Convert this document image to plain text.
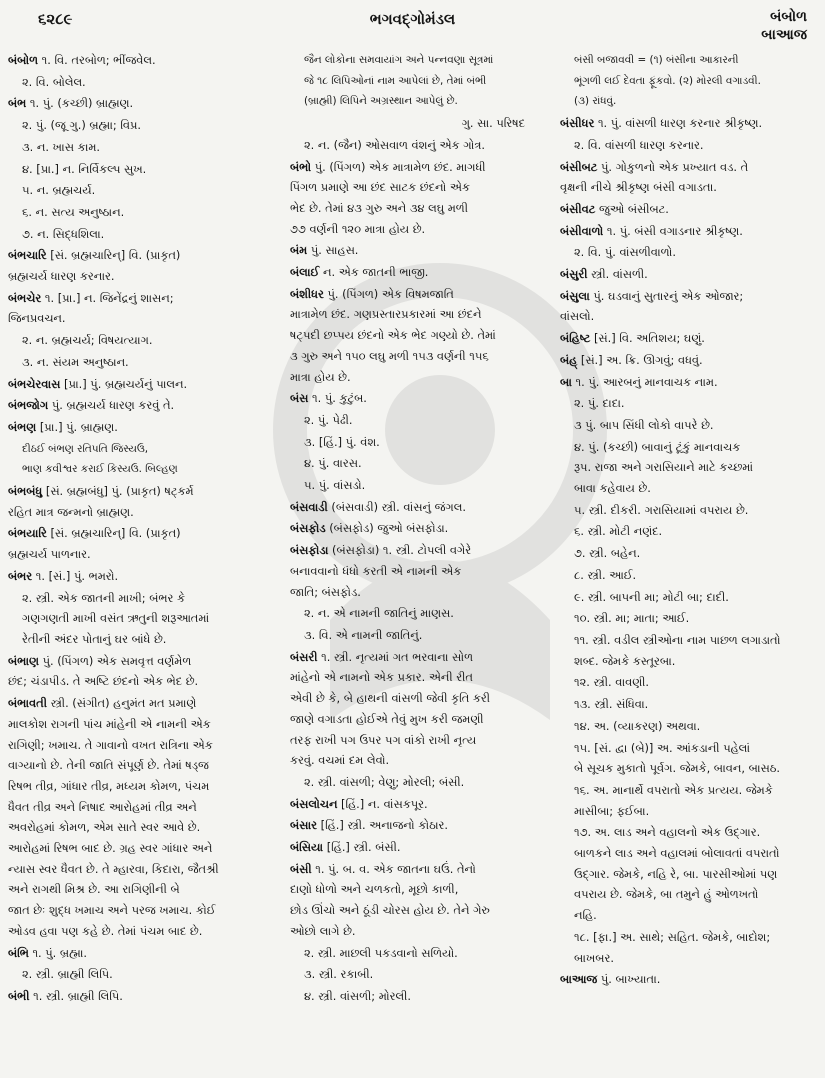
૬૨૮૯	ભગવદ્ગોમંડલ	બંબોળ
બાઆજ
બંબોળ ૧. વિ. તરબોળ; ભીંજવેલ.
૨. વિ. બોલેલ.
બંભ ૧. પું. (કચ્છી) બ્રાહ્મણ.
૨. પું. (જૂ ગુ.) બ્રહ્મા; વિપ્ર.
૩. ન. ખાસ કામ.
૪. [પ્રા.] ન. નિર્વિકલ્પ સુખ.
૫. ન. બ્રહ્મચર્ય.
૬. ન. સત્ય અનુષ્ઠાન.
૭. ન. સિદ્ધશિલા.
બંભચારિ [સં. બ્રહ્મચારિન્] વિ. (પ્રાકૃત)
બ્રહ્મચર્ય ધારણ કરનાર.
બંભચેર ૧. [પ્રા.] ન. જિનેંદ્રનું શાસન;
જિનપ્રવચન.
૨. ન. બ્રહ્મચર્ય; વિષયત્યાગ.
૩. ન. સંયમ અનુષ્ઠાન.
બંભચેરવાસ [પ્રા.] પું. બ્રહ્મચર્યનું પાલન.
બંભજોગ પું. બ્રહ્મચર્ય ધારણ કરવું તે.
બંભણ [પ્રા.] પું. બ્રાહ્મણ.
દીઠઈ બંભણ રતિપતિ જિસ્યઉ,
ભાણ કવીશ્વર કરાઈ કિસ્યઉ. બિલ્હણ
બંભબંધુ [સં. બ્રહ્મબંધુ] પું. (પ્રાકૃત) ષટ્કર્મ
રહિત માત્ર જન્મનો બ્રાહ્મણ.
બંભયારિ [સં. બ્રહ્મચારિન્] વિ. (પ્રાકૃત)
બ્રહ્મચર્ય પાળનાર.
બંભર ૧. [સં.] પું. ભમરો.
૨. સ્ત્રી. એક જાતની માખી; બંભર કે
ગણગણતી માખી વસંત ઋતુની શરૂઆતમાં
રેતીની અંદર પોતાનું ઘર બાંધે છે.
બંભાણ પું. (પિંગળ) એક સમવૃત્ત વર્ણમેળ
છંદ; ચંડાપીડ. તે અષ્ટિ છંદનો એક ભેદ છે.
બંભાવતી સ્ત્રી. (સંગીત) હનુમંત મત પ્રમાણે
માલકોશ રાગની પાંચ માંહેની એ નામની એક
રાગિણી; ખમાચ. તે ગાવાનો વખત રાત્રિના એક
વાગ્યાનો છે. તેની જાતિ સંપૂર્ણ છે. તેમાં ષડ્જ
રિષભ તીવ્ર, ગાંધાર તીવ્ર, મધ્યમ કોમળ, પંચમ
ધૈવત તીવ્ર અને નિષાદ આરોહમાં તીવ્ર અને
અવરોહમાં કોમળ, એમ સાતે સ્વર આવે છે.
આરોહમાં રિષભ બાદ છે. ગ્રહ સ્વર ગાંધાર અને
ન્યાસ સ્વર ધૈવત છે. તે મ્હારવા, કિદારા, જૈતશ્રી
અને રાગથી મિશ્ર છે. આ રાગિણીની બે
જાત છેઃ શુદ્ધ ખમાચ અને પરજ ખમાચ. કોઈ
ઓડવ હવા પણ કહે છે. તેમાં પંચમ બાદ છે.
બંભિ ૧. પું. બ્રહ્મા.
૨. સ્ત્રી. બ્રાહ્મી લિપિ.
બંભી ૧. સ્ત્રી. બ્રાહ્મી લિપિ.
જૈન લોકોના સમવાયાંગ અને પન્નવણા સૂત્રમાં
જે ૧૮ લિપિઓનાં નામ આપેલાં છે, તેમાં બંભી
(બ્રાહ્મી) લિપિને અગ્રસ્થાન આપેલું છે.
ગુ. સા. પરિષદ
૨. ન. (જૈન) ઓસવાળ વંશનું એક ગોત્ર.
બંભો પું. (પિંગળ) એક માત્રામેળ છંદ. માગધી
પિંગળ પ્રમાણે આ છંદ સાટક છંદનો એક
ભેદ છે. તેમાં ૪૩ ગુરુ અને ૩૪ લઘુ મળી
૭૭ વર્ણની ૧૨૦ માત્રા હોય છે.
બંમ પું. સાહસ.
બંલાઈ ન. એક જાતની ભાજી.
બંશીધર પું. (પિંગળ) એક વિષમજાતિ
માત્રામેળ છંદ. ગણપ્રસ્તારપ્રકારમાં આ છંદને
ષટ્પદી છપ્પય છંદનો એક ભેદ ગણ્યો છે. તેમાં
૩ ગુરુ અને ૧૫૦ લઘુ મળી ૧૫૩ વર્ણની ૧૫૬
માત્રા હોય છે.
બંસ ૧. પું. કુટુંબ.
૨. પું. પેઢી.
૩. [હિં.] પું. વંશ.
૪. પું. વારસ.
૫. પું. વાંસડો.
બંસવાડી (બંસવાડી) સ્ત્રી. વાંસનું જંગલ.
બંસફોડ (બંસફોડ) જુઓ બંસફોડા.
બંસફોડા (બંસફોડા) ૧. સ્ત્રી. ટોપલી વગેરે
બનાવવાનો ધંધો કરતી એ નામની એક
જાતિ; બંસફોડ.
૨. ન. એ નામની જાતિનું માણસ.
૩. વિ. એ નામની જાતિનું.
બંસરી ૧. સ્ત્રી. નૃત્યમાં ગત ભરવાના સોળ
માંહેનો એ નામનો એક પ્રકાર. એની રીત
એવી છે કે, બે હાથની વાંસળી જેવી કૃતિ કરી
જાણે વગાડતા હોઈએ તેવું મુખ કરી જમણી
તરફ રાખી પગ ઉપર પગ વાંકો રાખી નૃત્ય
કરવું. વચમાં દમ લેવો.
૨. સ્ત્રી. વાંસળી; વેણુ; મોરલી; બંસી.
બંસલોચન [હિં.] ન. વાંસકપૂર.
બંસાર [હિં.] સ્ત્રી. અનાજનો કોઠાર.
બંસિયા [હિં.] સ્ત્રી. બંસી.
બંસી ૧. પું. બ. વ. એક જાતના ઘઉં. તેનો
દાણો ધોળો અને ચળકતો, મૂછો કાળી,
છોડ ઊંચો અને ઠૂંડી ચોરસ હોય છે. તેને ગેરુ
ઓછો લાગે છે.
૨. સ્ત્રી. માછલી પકડવાનો સળિયો.
૩. સ્ત્રી. રકાબી.
૪. સ્ત્રી. વાંસળી; મોરલી.
બંસી બજાવવી = (૧) બંસીના આકારની
ભૂંગળી લઈ દેવતા ફૂંકવો. (૨) મોરલી વગાડવી.
(૩) રાંધવું.
બંસીધર ૧. પું. વાંસળી ધારણ કરનાર શ્રીકૃષ્ણ.
૨. વિ. વાંસળી ધારણ કરનાર.
બંસીબટ પું. ગોકુળનો એક પ્રખ્યાત વડ. તે
વૃક્ષની નીચે શ્રીકૃષ્ણ બંસી વગાડતા.
બંસીવટ જુઓ બંસીબટ.
બંસીવાળો ૧. પું. બંસી વગાડનાર શ્રીકૃષ્ણ.
૨. વિ. પું. વાંસળીવાળો.
બંસુરી સ્ત્રી. વાંસળી.
બંસુલા પું. ઘડવાનું સુતારનું એક ઓજાર;
વાંસલો.
બંહિષ્ટ [સં.] વિ. અતિશય; ઘણું.
બંહ્ [સં.] અ. ક્રિ. ઊગવું; વધવું.
બા ૧. પું. આરબનું માનવાચક નામ.
૨. પું. દાદા.
૩ પું. બાપ સિંધી લોકો વાપરે છે.
૪. પું. (કચ્છી) બાવાનું ટૂંકું માનવાચક
રૂપ. રાજા અને ગરાસિયાને માટે કચ્છમાં
બાવા કહેવાય છે.
૫. સ્ત્રી. દીકરી. ગરાસિયામાં વપરાય છે.
૬. સ્ત્રી. મોટી નણંદ.
૭. સ્ત્રી. બહેન.
૮. સ્ત્રી. આઈ.
૯. સ્ત્રી. બાપની મા; મોટી બા; દાદી.
૧૦. સ્ત્રી. મા; માતા; આઈ.
૧૧. સ્ત્રી. વડીલ સ્ત્રીઓના નામ પાછળ લગાડાતો
શબ્દ. જેમકે કસ્તૂરબા.
૧૨. સ્ત્રી. વાવણી.
૧૩. સ્ત્રી. સંધિવા.
૧૪. અ. (વ્યાકરણ) અથવા.
૧૫. [સં. દ્વા (બે)] અ. આંકડાની પહેલાં
બે સૂચક મુકાતો પૂર્વગ. જેમકે, બાવન, બાસઠ.
૧૬. અ. માનાર્થે વપરાતો એક પ્રત્યય. જેમકે
માસીબા; ફઈબા.
૧૭. અ. લાડ અને વહાલનો એક ઉદ્ગાર.
બાળકને લાડ અને વહાલમાં બોલાવતાં વપરાતો
ઉદ્ગાર. જેમકે, નહિ રે, બા. પારસીઓમાં પણ
વપરાય છે. જેમકે, બા તમુને હું ઓળખતો
નહિ.
૧૮. [ફા.] અ. સાથે; સહિત. જેમકે, બાદોશ;
બાખબર.
બાઆજ પું. બાખ્યાતા.
